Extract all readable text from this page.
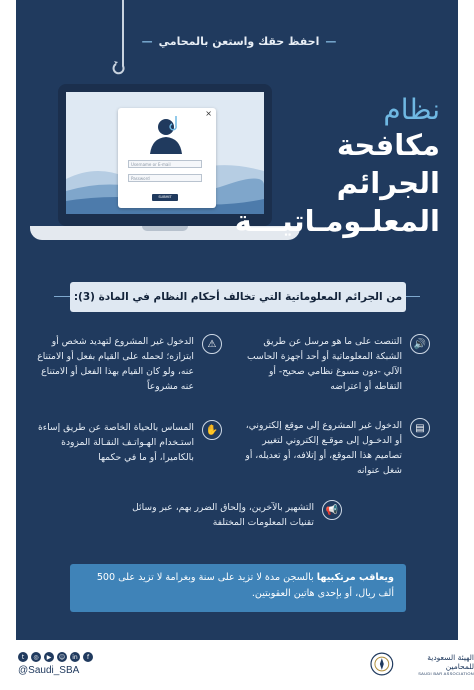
—
احفظ حقك واستعن بالمحامي
—
×
Username or E-mail
Password
SUBMIT
نظام
مكافحة الجرائم
المعلـومـاتيـــة
من الجرائم المعلوماتية التي تخالف أحكام النظام في المادة (3):
🔊
التنصت على ما هو مرسل عن طريق الشبكة المعلوماتية أو أحد أجهزة الحاسب الآلي -دون مسوغ نظامي صحيح- أو التقاطه أو اعتراضه
⚠
الدخول غير المشروع لتهديد شخص أو ابتزازه؛ لحمله على القيام بفعل أو الامتناع عنه، ولو كان القيام بهذا الفعل أو الامتناع عنه مشروعاً
▤
الدخول غير المشروع إلى موقع إلكتروني، أو الدخـول إلى موقـع إلكتروني لتغيير تصاميم هذا الموقع، أو إتلافه، أو تعديله، أو شغل عنوانه
✋
المساس بالحياة الخاصة عن طريق إساءة استـخدام الهـواتـف النقـالة المزودة بالكاميرا، أو ما في حكمها
📢
التشهير بالآخرين، وإلحاق الضرر بهم، عبر وسائل تقنيات المعلومات المختلفة
ويعاقب مرتكبيها بالسجن مدة لا تزيد على سنة وبغرامة لا تزيد على 500 ألف ريال، أو بإحدى هاتين العقوبتين.
t	◎	▶	☺	in	f
@Saudi_SBA
الهيئة السعودية للمحامين
SAUDI BAR ASSOCIATION
